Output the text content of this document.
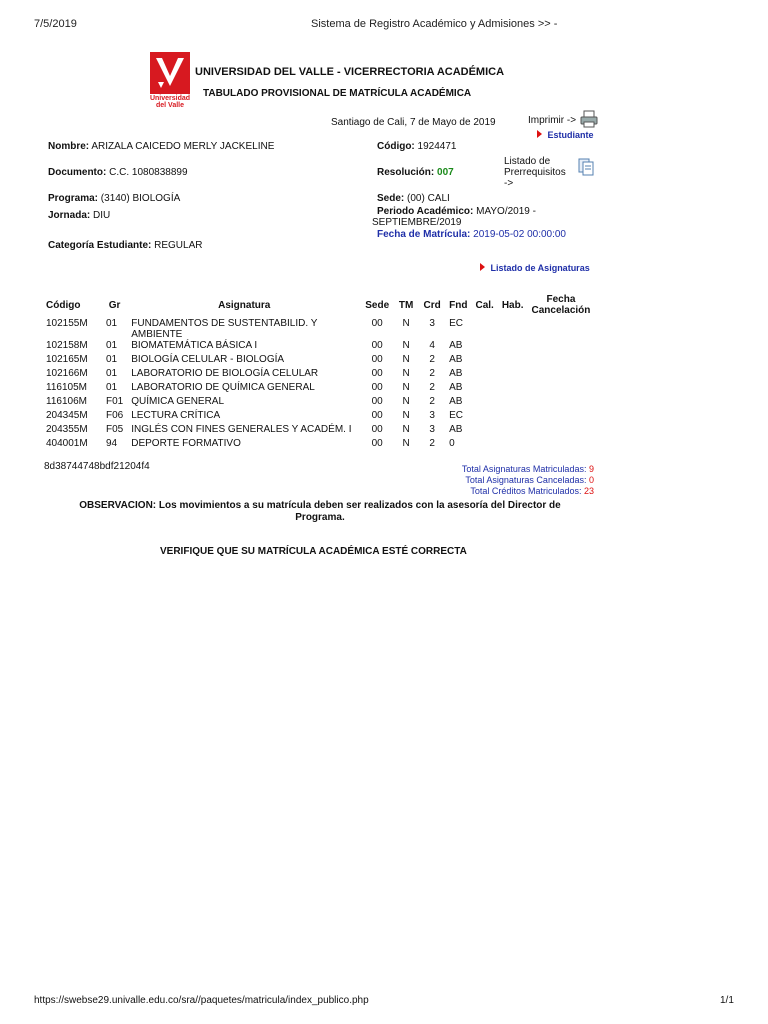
7/5/2019	Sistema de Registro Académico y Admisiones >> -
Universidad
del Valle
UNIVERSIDAD DEL VALLE - VICERRECTORIA ACADÉMICA
TABULADO PROVISIONAL DE MATRÍCULA ACADÉMICA
Santiago de Cali, 7 de Mayo de 2019	Imprimir ->
Estudiante
Nombre: ARIZALA CAICEDO MERLY JACKELINE	Código: 1924471
Listado de
Prerrequisitos
->
Documento: C.C. 1080838899	Resolución: 007
Programa: (3140) BIOLOGÍA
Jornada: DIU
Sede: (00) CALI
Periodo Académico: MAYO/2019 -
SEPTIEMBRE/2019
Fecha de Matrícula: 2019-05-02 00:00:00
Categoría Estudiante: REGULAR
Listado de Asignaturas
Código	Gr	Asignatura	Sede	TM	Crd	Fnd	Cal.	Hab.	Fecha
Cancelación

102155M	01	FUNDAMENTOS DE SUSTENTABILID. Y AMBIENTE	00	N	3	EC			
102158M	01	BIOMATEMÁTICA BÁSICA I	00	N	4	AB			
102165M	01	BIOLOGÍA CELULAR - BIOLOGÍA	00	N	2	AB			
102166M	01	LABORATORIO DE BIOLOGÍA CELULAR	00	N	2	AB			
116105M	01	LABORATORIO DE QUÍMICA GENERAL	00	N	2	AB			
116106M	F01	QUÍMICA GENERAL	00	N	2	AB			
204345M	F06	LECTURA CRÍTICA	00	N	3	EC			
204355M	F05	INGLÉS CON FINES GENERALES Y ACADÉM. I	00	N	3	AB			
404001M	94	DEPORTE FORMATIVO	00	N	2	0			
8d38744748bdf21204f4	Total Asignaturas Matriculadas: 9
Total Asignaturas Canceladas: 0
Total Créditos Matriculados: 23
OBSERVACION: Los movimientos a su matrícula deben ser realizados con la asesoría del Director de
Programa.
VERIFIQUE QUE SU MATRÍCULA ACADÉMICA ESTÉ CORRECTA
https://swebse29.univalle.edu.co/sra//paquetes/matricula/index_publico.php	1/1
